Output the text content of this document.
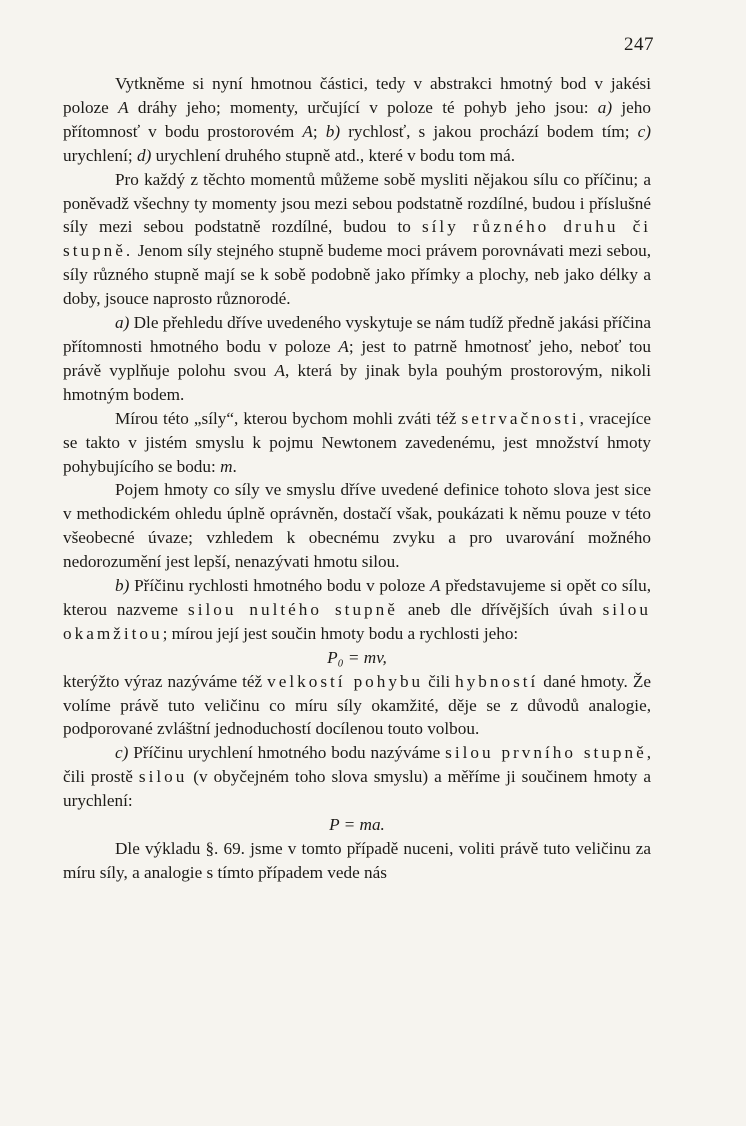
247

Vytkněme si nyní hmotnou částici, tedy v abstrakci hmotný bod v jakési poloze A dráhy jeho; momenty, určující v poloze té pohyb jeho jsou: a) jeho přítomnosť v bodu prostorovém A; b) rychlosť, s jakou prochází bodem tím; c) urychlení; d) urychlení druhého stupně atd., které v bodu tom má.

Pro každý z těchto momentů můžeme sobě mysliti nějakou sílu co příčinu; a poněvadž všechny ty momenty jsou mezi sebou podstatně rozdílné, budou i příslušné síly mezi sebou podstatně rozdílné, budou to síly různého druhu či stupně. Jenom síly stejného stupně budeme moci právem porovnávati mezi sebou, síly různého stupně mají se k sobě podobně jako přímky a plochy, neb jako délky a doby, jsouce naprosto různorodé.

a) Dle přehledu dříve uvedeného vyskytuje se nám tudíž předně jakási příčina přítomnosti hmotného bodu v poloze A; jest to patrně hmotnosť jeho, neboť tou právě vyplňuje polohu svou A, která by jinak byla pouhým prostorovým, nikoli hmotným bodem.

Mírou této „síly“, kterou bychom mohli zváti též setrvačnosti, vracejíce se takto v jistém smyslu k pojmu Newtonem zavedenému, jest množství hmoty pohybujícího se bodu: m.

Pojem hmoty co síly ve smyslu dříve uvedené definice tohoto slova jest sice v methodickém ohledu úplně oprávněn, dostačí však, poukázati k němu pouze v této všeobecné úvaze; vzhledem k obecnému zvyku a pro uvarování možného nedorozumění jest lepší, nenazývati hmotu silou.

b) Příčinu rychlosti hmotného bodu v poloze A představujeme si opět co sílu, kterou nazveme silou nultého stupně aneb dle dřívějších úvah silou okamžitou; mírou její jest součin hmoty bodu a rychlosti jeho:

P₀ = mv,

kterýžto výraz nazýváme též velkostí pohybu čili hybností dané hmoty. Že volíme právě tuto veličinu co míru síly okamžité, děje se z důvodů analogie, podporované zvláštní jednoduchostí docílenou touto volbou.

c) Příčinu urychlení hmotného bodu nazýváme silou prvního stupně, čili prostě silou (v obyčejném toho slova smyslu) a měříme ji součinem hmoty a urychlení:

P = ma.

Dle výkladu §. 69. jsme v tomto případě nuceni, voliti právě tuto veličinu za míru síly, a analogie s tímto případem vede nás
